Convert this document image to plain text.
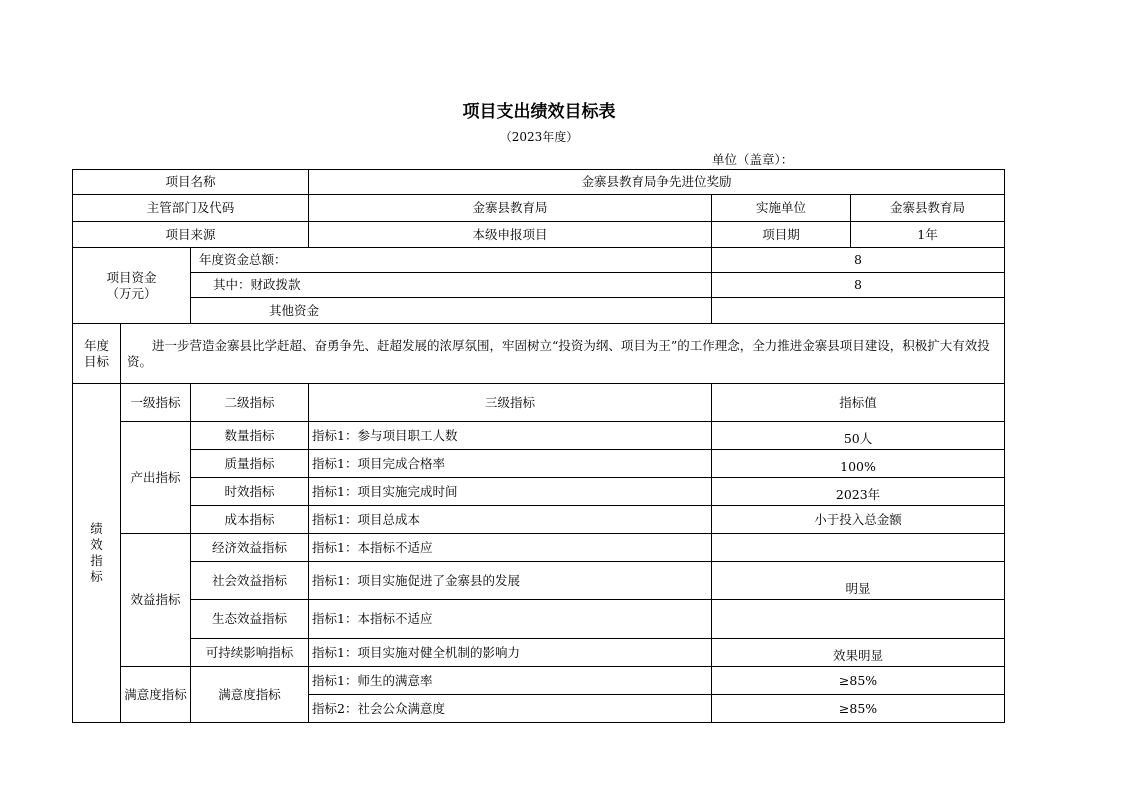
项目支出绩效目标表
（2023年度）
单位（盖章）：
项目名称			金寨县教育局争先进位奖励		
主管部门及代码			金寨县教育局	实施单位	金寨县教育局
项目来源			本级申报项目	项目期	1年

项目资金
（万元）		年度资金总额：		8	
		其中：财政拨款		8	
		其他资金			

年度
目标	进一步营造金寨县比学赶超、奋勇争先、赶超发展的浓厚氛围，牢固树立“投资为纲、项目为王”的工作理念，全力推进金寨县项目建设，积极扩大有效投资。				

绩
效
指
标	一级指标	二级指标	三级指标	指标值	
	产出指标	数量指标	指标1：参与项目职工人数	50人	
		质量指标	指标1：项目完成合格率	100%	
		时效指标	指标1：项目实施完成时间	2023年	
		成本指标	指标1：项目总成本	小于投入总金额	
	效益指标	经济效益指标	指标1：本指标不适应		
		社会效益指标	指标1：项目实施促进了金寨县的发展	明显	
		生态效益指标	指标1：本指标不适应		
		可持续影响指标	指标1：项目实施对健全机制的影响力	效果明显	
	满意度指标	满意度指标	指标1：师生的满意率	≥85%	
			指标2：社会公众满意度	≥85%	
